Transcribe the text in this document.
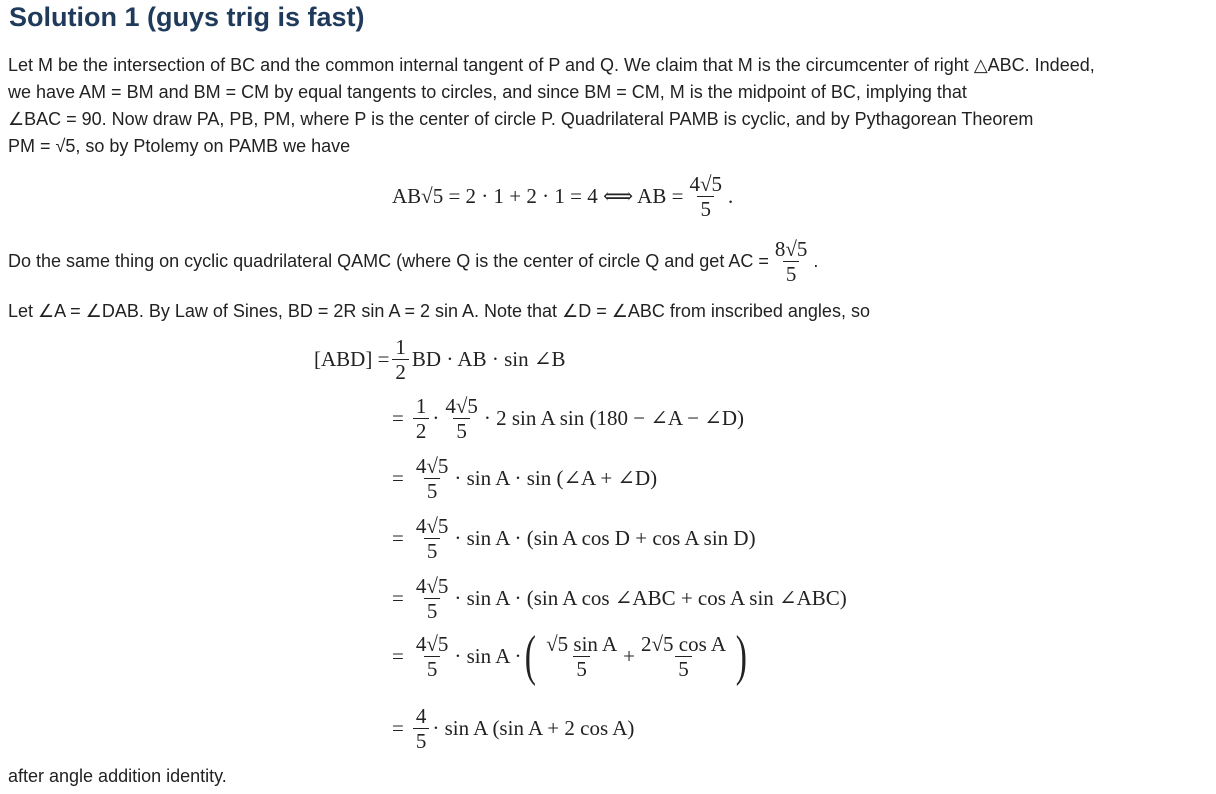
Solution 1 (guys trig is fast)
Let M be the intersection of BC and the common internal tangent of P and Q. We claim that M is the circumcenter of right △ABC. Indeed,
we have AM = BM and BM = CM by equal tangents to circles, and since BM = CM, M is the midpoint of BC, implying that
∠BAC = 90. Now draw PA, PB, PM, where P is the center of circle P. Quadrilateral PAMB is cyclic, and by Pythagorean Theorem
PM = √5, so by Ptolemy on PAMB we have
AB√5 = 2 · 1 + 2 · 1 = 4 ⟺ AB = $\frac{4√5}{5}$ .
Do the same thing on cyclic quadrilateral QAMC (where Q is the center of circle Q and get AC = $\frac{8√5}{5}$ .
Let ∠A = ∠DAB. By Law of Sines, BD = 2R sin A = 2 sin A. Note that ∠D = ∠ABC from inscribed angles, so
$[ABD] = \frac{1}{2}$ BD · AB · sin ∠B
= $\frac{1}{2} \cdot \frac{4√5}{5} \cdot 2$ sin A sin (180 − ∠A − ∠D)
= $\frac{4√5}{5} \cdot \sin A \cdot \sin$ (∠A + ∠D)
= $\frac{4√5}{5} \cdot \sin A \cdot (\sin$ A cos D + cos A sin D)
= $\frac{4√5}{5} \cdot \sin A \cdot (\sin$ A cos ∠ABC + cos A sin ∠ABC)
= $\frac{4√5}{5} \cdot \sin A$ · ( $\frac{\text{√5 sin A}}{5} + \frac{\text{2√5 cos A}}{5}$ )
= $\frac{4}{5} \cdot \sin A$ (sin A + 2 cos A)
after angle addition identity.
